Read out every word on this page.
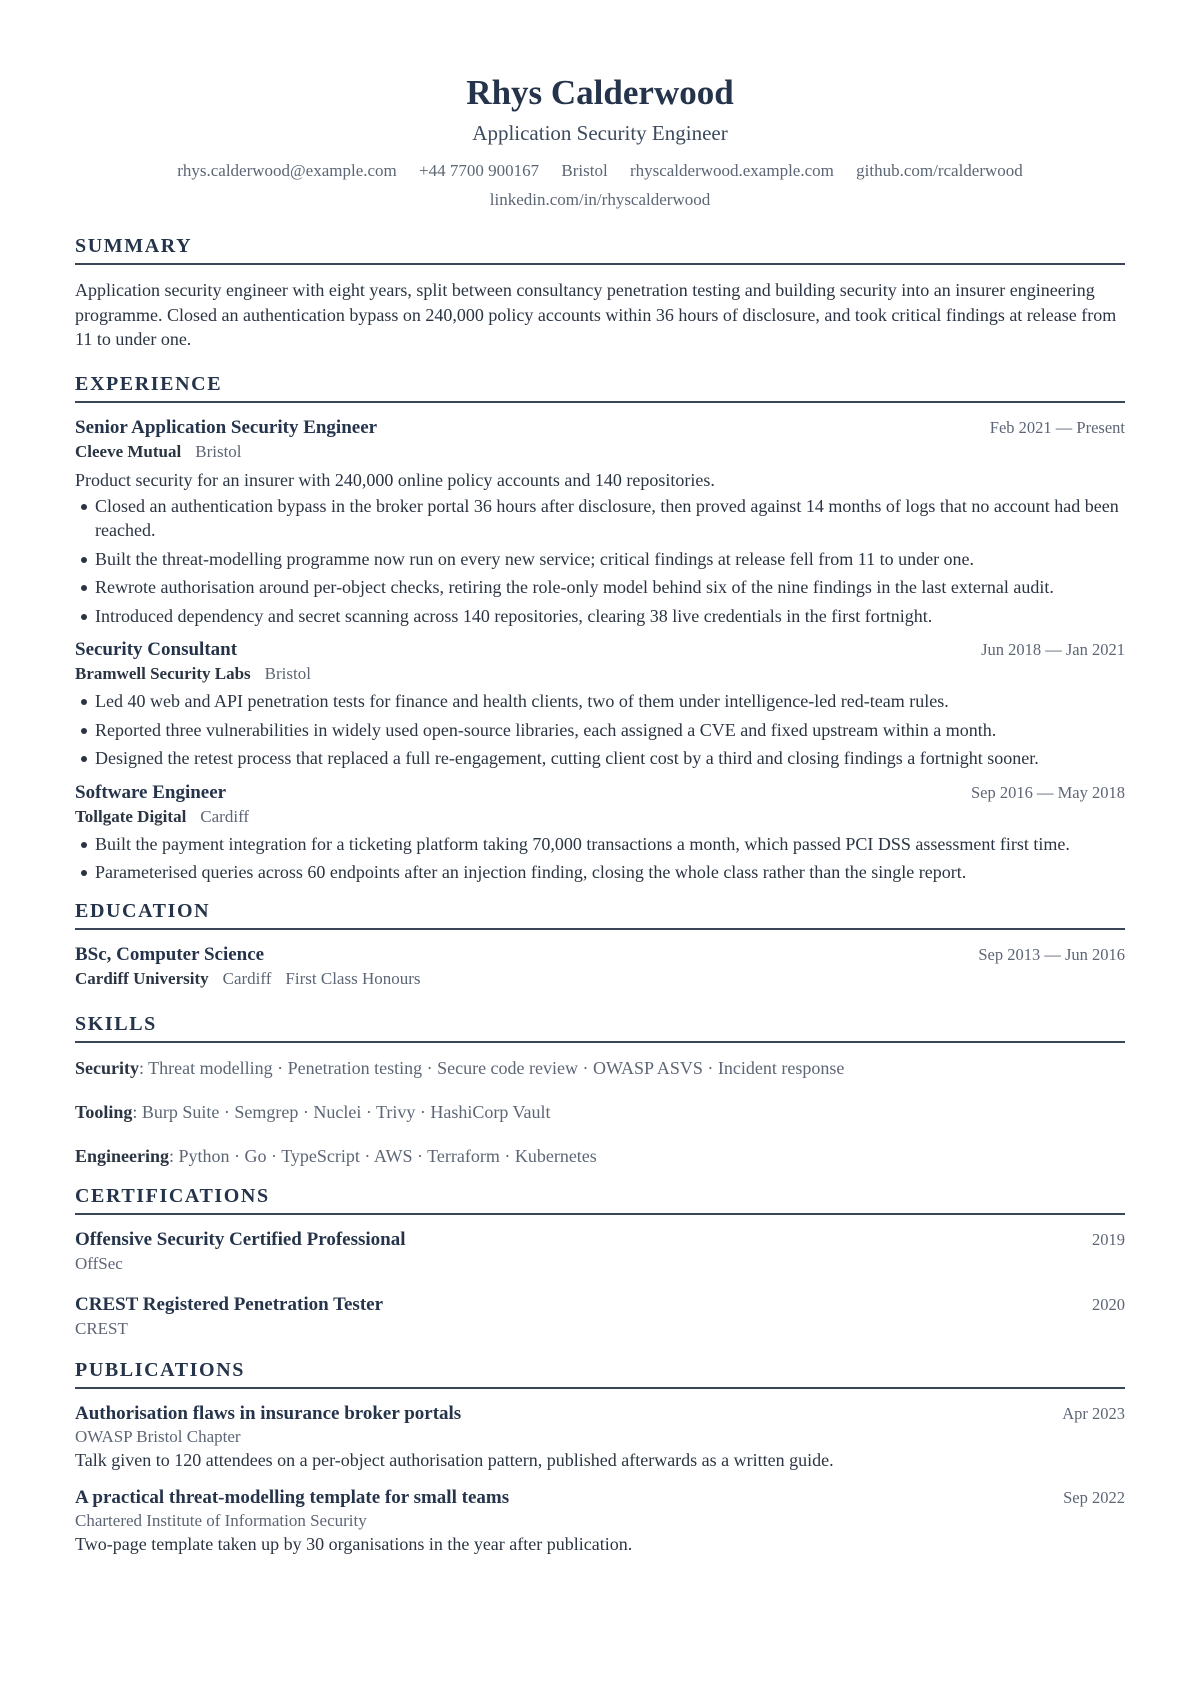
Rhys Calderwood
Application Security Engineer
rhys.calderwood@example.com +44 7700 900167 Bristol rhyscalderwood.example.com github.com/rcalderwood
linkedin.com/in/rhyscalderwood
SUMMARY
Application security engineer with eight years, split between consultancy penetration testing and building security into an insurer engineering programme. Closed an authentication bypass on 240,000 policy accounts within 36 hours of disclosure, and took critical findings at release from 11 to under one.
EXPERIENCE
Senior Application Security Engineer	Feb 2021 — Present
Cleeve Mutual Bristol
Product security for an insurer with 240,000 online policy accounts and 140 repositories.
Closed an authentication bypass in the broker portal 36 hours after disclosure, then proved against 14 months of logs that no account had been reached.
Built the threat-modelling programme now run on every new service; critical findings at release fell from 11 to under one.
Rewrote authorisation around per-object checks, retiring the role-only model behind six of the nine findings in the last external audit.
Introduced dependency and secret scanning across 140 repositories, clearing 38 live credentials in the first fortnight.
Security Consultant	Jun 2018 — Jan 2021
Bramwell Security Labs Bristol
Led 40 web and API penetration tests for finance and health clients, two of them under intelligence-led red-team rules.
Reported three vulnerabilities in widely used open-source libraries, each assigned a CVE and fixed upstream within a month.
Designed the retest process that replaced a full re-engagement, cutting client cost by a third and closing findings a fortnight sooner.
Software Engineer	Sep 2016 — May 2018
Tollgate Digital Cardiff
Built the payment integration for a ticketing platform taking 70,000 transactions a month, which passed PCI DSS assessment first time.
Parameterised queries across 60 endpoints after an injection finding, closing the whole class rather than the single report.
EDUCATION
BSc, Computer Science	Sep 2013 — Jun 2016
Cardiff University Cardiff First Class Honours
SKILLS
Security: Threat modelling · Penetration testing · Secure code review · OWASP ASVS · Incident response
Tooling: Burp Suite · Semgrep · Nuclei · Trivy · HashiCorp Vault
Engineering: Python · Go · TypeScript · AWS · Terraform · Kubernetes
CERTIFICATIONS
Offensive Security Certified Professional	2019
OffSec
CREST Registered Penetration Tester	2020
CREST
PUBLICATIONS
Authorisation flaws in insurance broker portals	Apr 2023
OWASP Bristol Chapter
Talk given to 120 attendees on a per-object authorisation pattern, published afterwards as a written guide.
A practical threat-modelling template for small teams	Sep 2022
Chartered Institute of Information Security
Two-page template taken up by 30 organisations in the year after publication.
